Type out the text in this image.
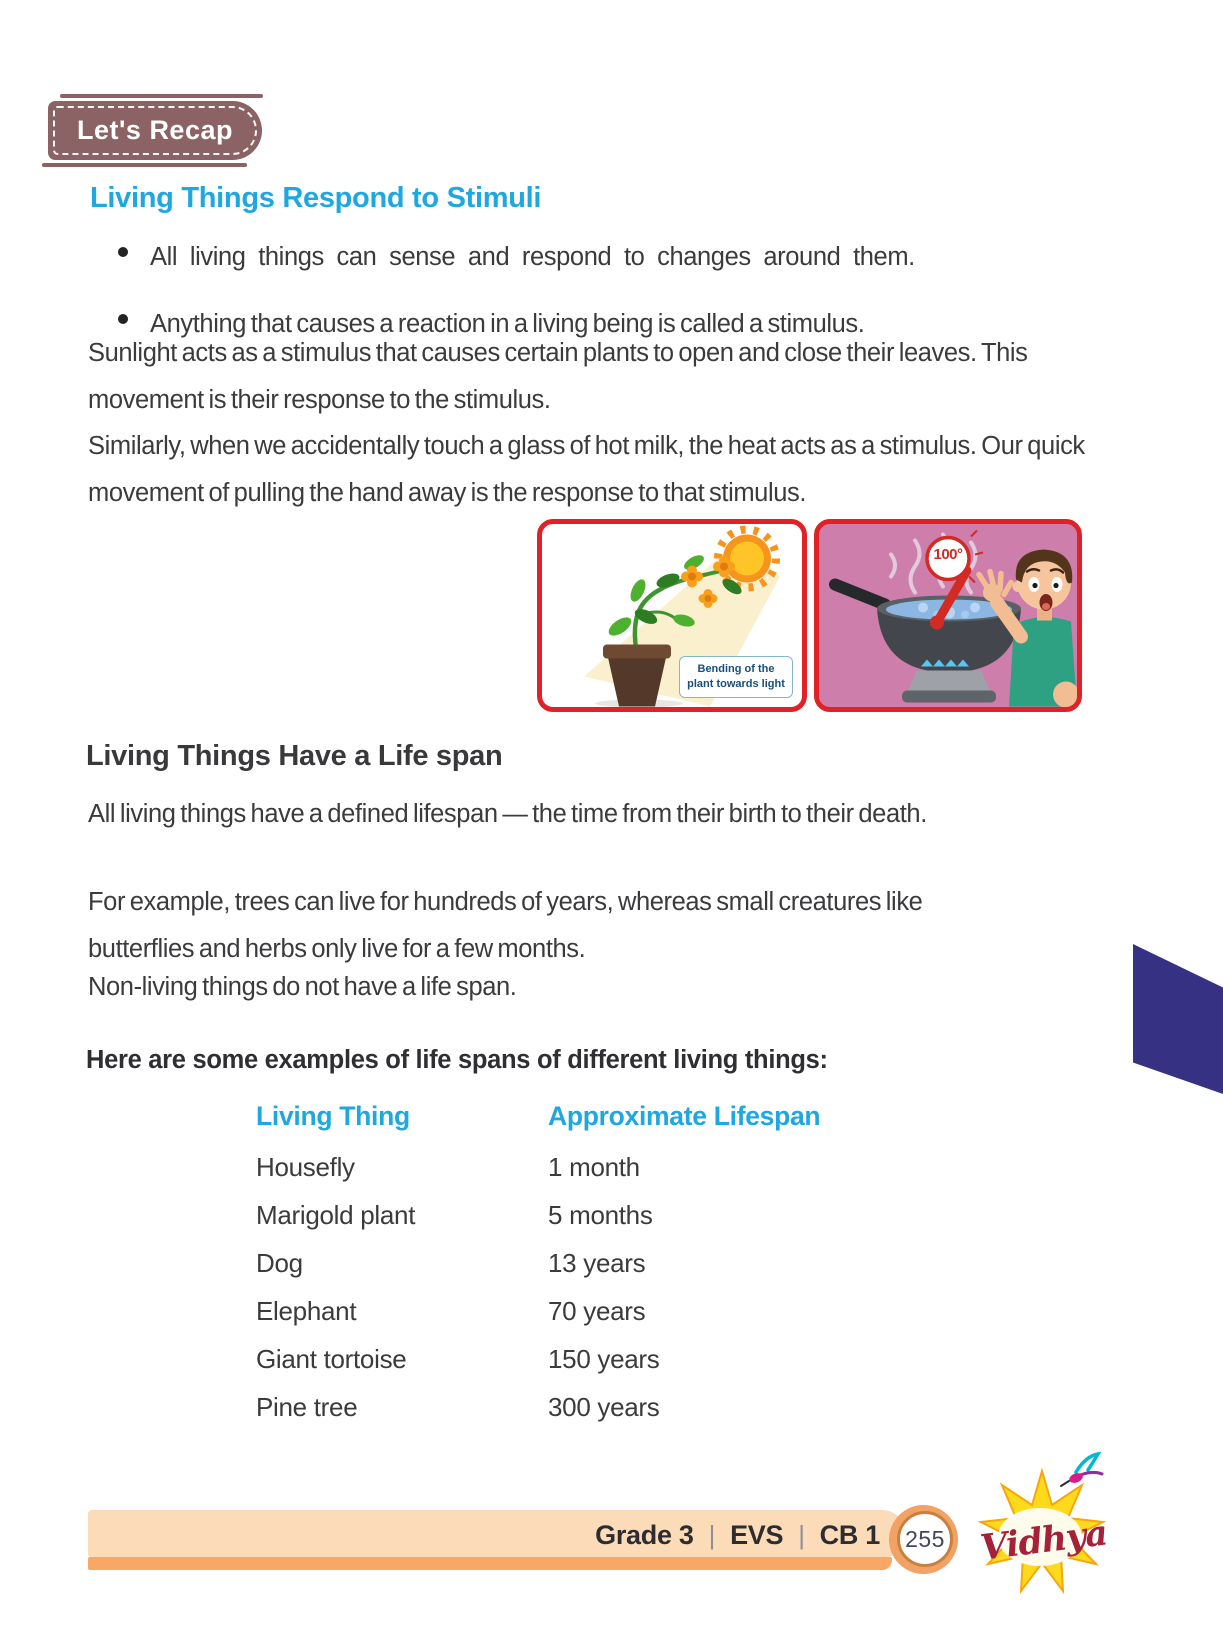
Let's Recap
Living Things Respond to Stimuli
All living things can sense and respond to changes around them.
Anything that causes a reaction in a living being is called a stimulus.
Sunlight acts as a stimulus that causes certain plants to open and close their leaves. This movement is their response to the stimulus.
Similarly, when we accidentally touch a glass of hot milk, the heat acts as a stimulus. Our quick movement of pulling the hand away is the response to that stimulus.
Bending of the plant towards light
100°
Living Things Have a Life span
All living things have a defined lifespan — the time from their birth to their death.
For example, trees can live for hundreds of years, whereas small creatures like butterflies and herbs only live for a few months.
Non-living things do not have a life span.
Here are some examples of life spans of different living things:
Living Thing	Approximate Lifespan
Housefly	1 month
Marigold plant	5 months
Dog	13 years
Elephant	70 years
Giant tortoise	150 years
Pine tree	300 years
Grade 3 | EVS | CB 1	255 Vidhya
